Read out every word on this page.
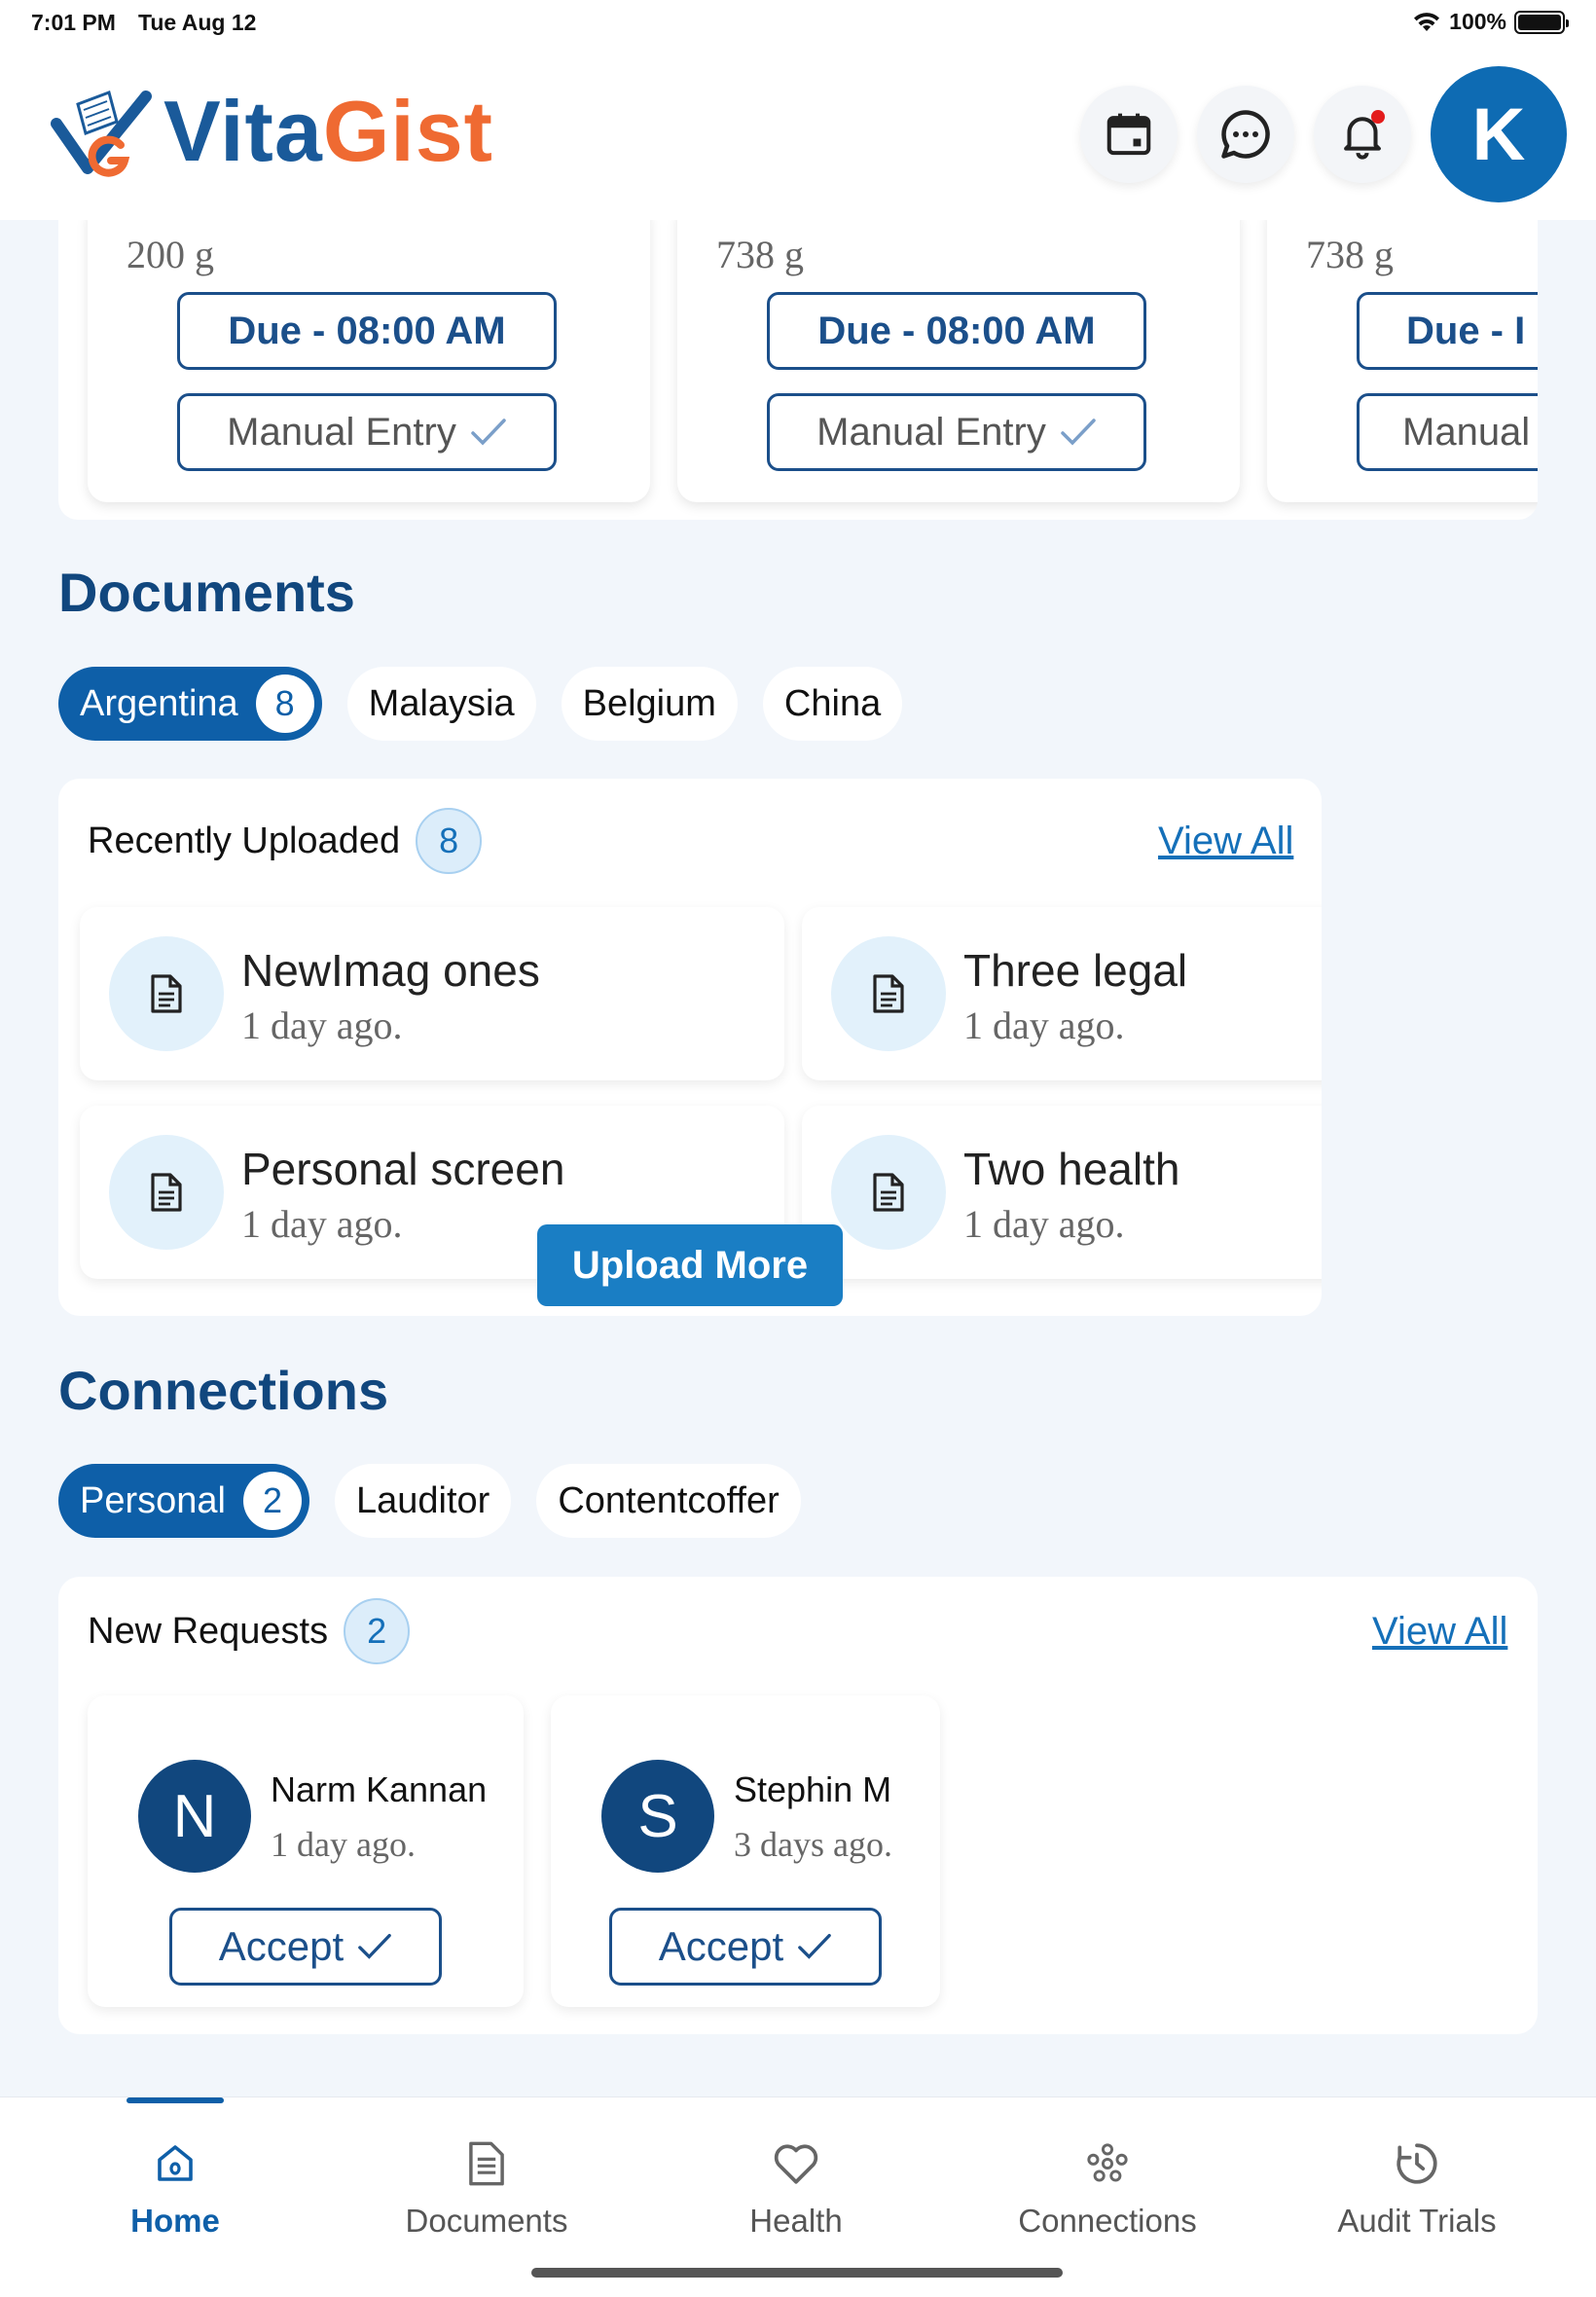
7:01 PM Tue Aug 12	100%
VitaGist	K
200 g
Due - 08:00 AM
Manual Entry
738 g
Due - 08:00 AM
Manual Entry
738 g
Due - I
Manual
Documents
Argentina	8	Malaysia	Belgium	China
Recently Uploaded	8	View All
NewImag ones
1 day ago.
Three legal
1 day ago.
Personal screen
1 day ago.
Two health
1 day ago.
Upload More
Connections
Personal	2	Lauditor	Contentcoffer
New Requests	2	View All
N	Narm Kannan
1 day ago.
Accept
S	Stephin M
3 days ago.
Accept
Home	Documents	Health	Connections	Audit Trials
